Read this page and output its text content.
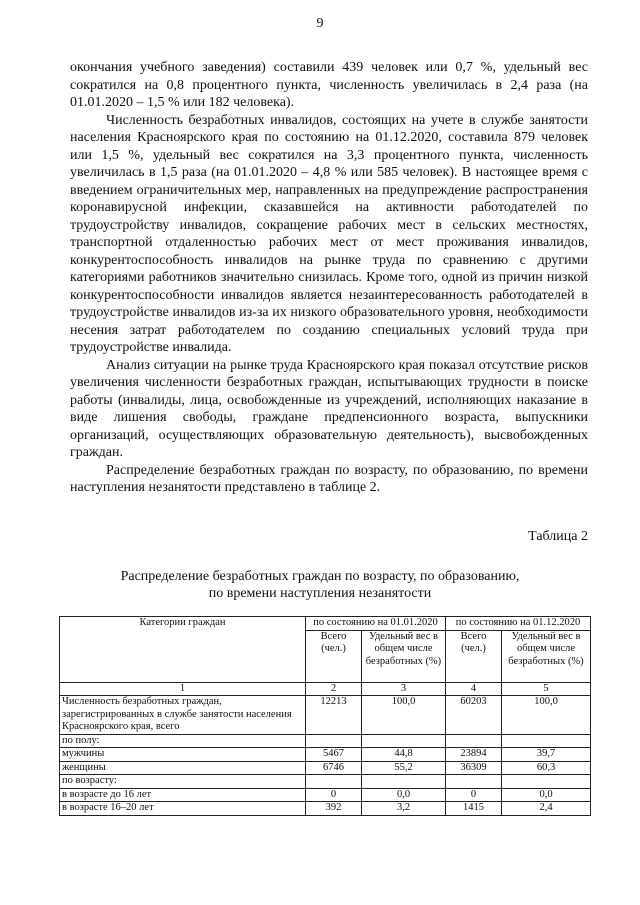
9

окончания учебного заведения) составили 439 человек или 0,7 %, удельный вес сократился на 0,8 процентного пункта, численность увеличилась в 2,4 раза (на 01.01.2020 – 1,5 % или 182 человека).

Численность безработных инвалидов, состоящих на учете в службе занятости населения Красноярского края по состоянию на 01.12.2020, составила 879 человек или 1,5 %, удельный вес сократился на 3,3 процентного пункта, численность увеличилась в 1,5 раза (на 01.01.2020 – 4,8 % или 585 человек). В настоящее время с введением ограничительных мер, направленных на предупреждение распространения коронавирусной инфекции, сказавшейся на активности работодателей по трудоустройству инвалидов, сокращение рабочих мест в сельских местностях, транспортной отдаленностью рабочих мест от мест проживания инвалидов, конкурентоспособность инвалидов на рынке труда по сравнению с другими категориями работников значительно снизилась. Кроме того, одной из причин низкой конкурентоспособности инвалидов является незаинтересованность работодателей в трудоустройстве инвалидов из-за их низкого образовательного уровня, необходимости несения затрат работодателем по созданию специальных условий труда при трудоустройстве инвалида.

Анализ ситуации на рынке труда Красноярского края показал отсутствие рисков увеличения численности безработных граждан, испытывающих трудности в поиске работы (инвалиды, лица, освобожденные из учреждений, исполняющих наказание в виде лишения свободы, граждане предпенсионного возраста, выпускники организаций, осуществляющих образовательную деятельность), высвобожденных граждан.

Распределение безработных граждан по возрасту, по образованию, по времени наступления незанятости представлено в таблице 2.

Таблица 2
Распределение безработных граждан по возрасту, по образованию,
по времени наступления незанятости
Категории граждан	по состоянию на 01.01.2020		по состоянию на 01.12.2020	
	Всего (чел.)	Удельный вес в общем числе безработных (%)	Всего (чел.)	Удельный вес в общем числе безработных (%)
1	2	3	4	5
Численность безработных граждан, зарегистрированных в службе занятости населения Красноярского края, всего	12213	100,0	60203	100,0
по полу:				
мужчины	5467	44,8	23894	39,7
женщины	6746	55,2	36309	60,3
по возрасту:				
в возрасте до 16 лет	0	0,0	0	0,0
в возрасте 16–20 лет	392	3,2	1415	2,4
